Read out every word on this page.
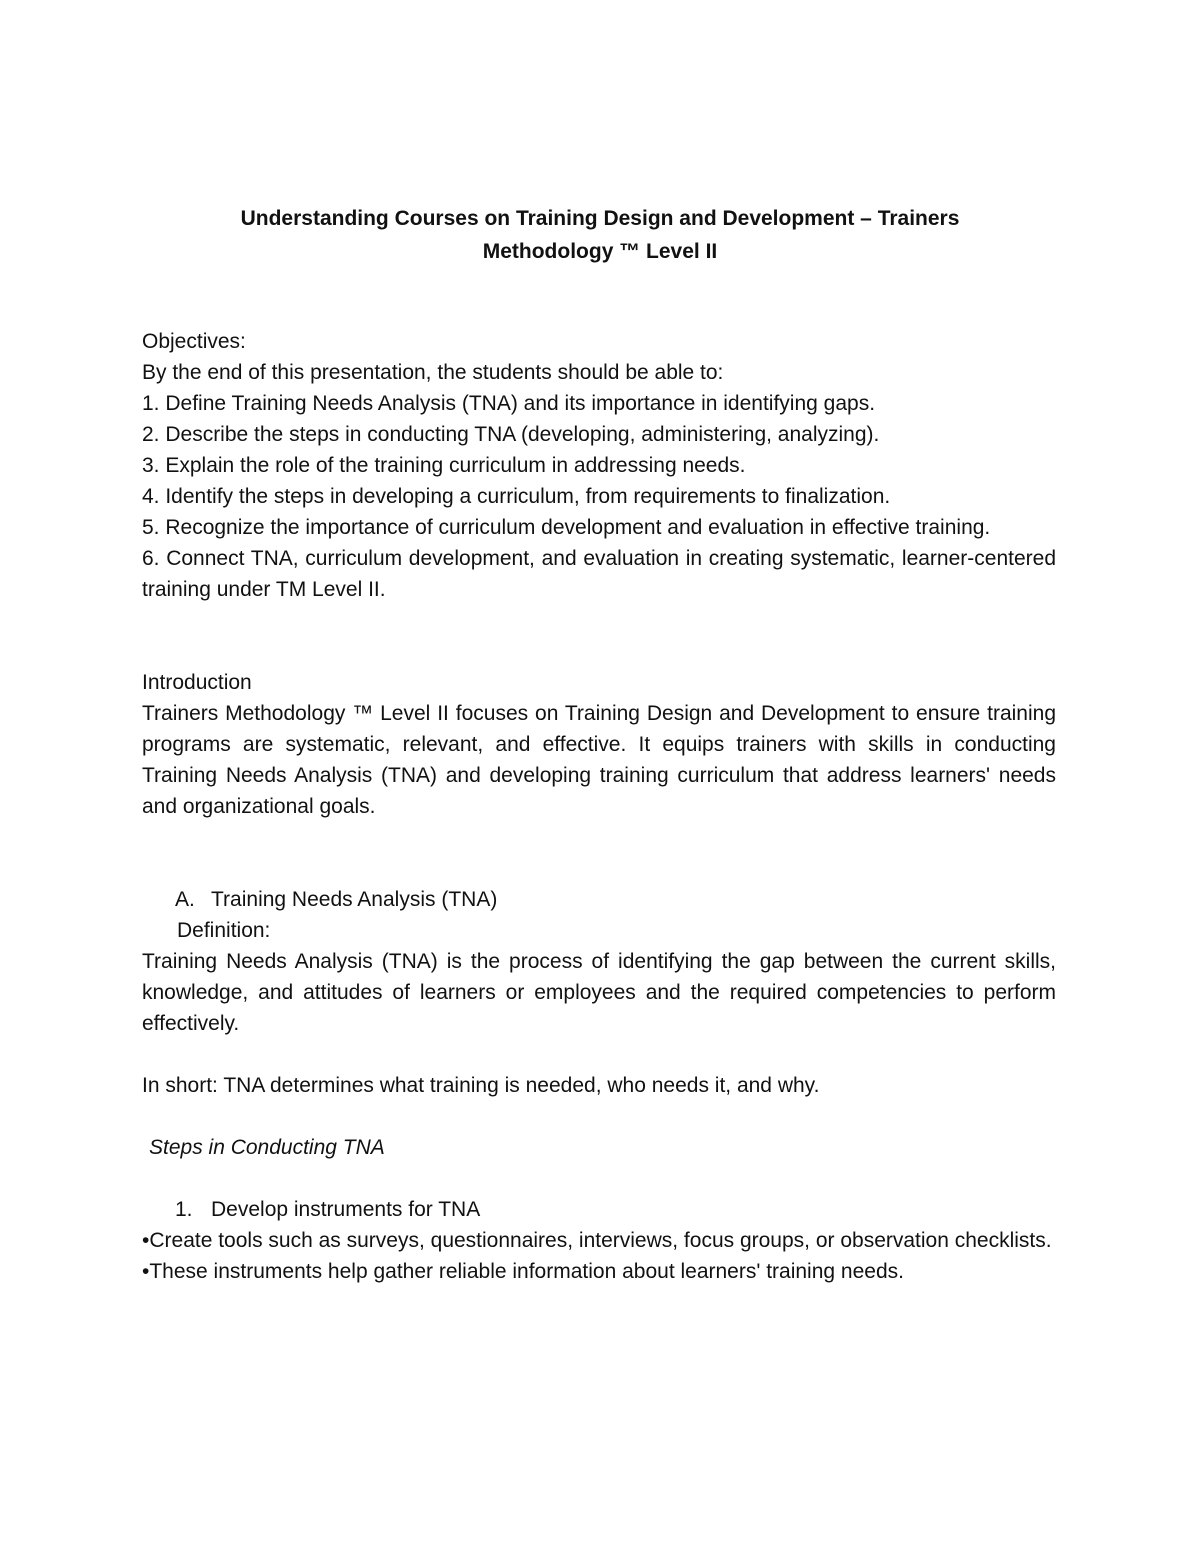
Understanding Courses on Training Design and Development – Trainers
Methodology ™ Level II

Objectives:

By the end of this presentation, the students should be able to:

1. Define Training Needs Analysis (TNA) and its importance in identifying gaps.

2. Describe the steps in conducting TNA (developing, administering, analyzing).

3. Explain the role of the training curriculum in addressing needs.

4. Identify the steps in developing a curriculum, from requirements to finalization.

5. Recognize the importance of curriculum development and evaluation in effective training.

6. Connect TNA, curriculum development, and evaluation in creating systematic, learner-centered training under TM Level II.

Introduction

Trainers Methodology ™ Level II focuses on Training Design and Development to ensure training programs are systematic, relevant, and effective. It equips trainers with skills in conducting Training Needs Analysis (TNA) and developing training curriculum that address learners' needs and organizational goals.

A. Training Needs Analysis (TNA)

Definition:

Training Needs Analysis (TNA) is the process of identifying the gap between the current skills, knowledge, and attitudes of learners or employees and the required competencies to perform effectively.

In short: TNA determines what training is needed, who needs it, and why.

Steps in Conducting TNA

1. Develop instruments for TNA

•Create tools such as surveys, questionnaires, interviews, focus groups, or observation checklists.

•These instruments help gather reliable information about learners' training needs.
